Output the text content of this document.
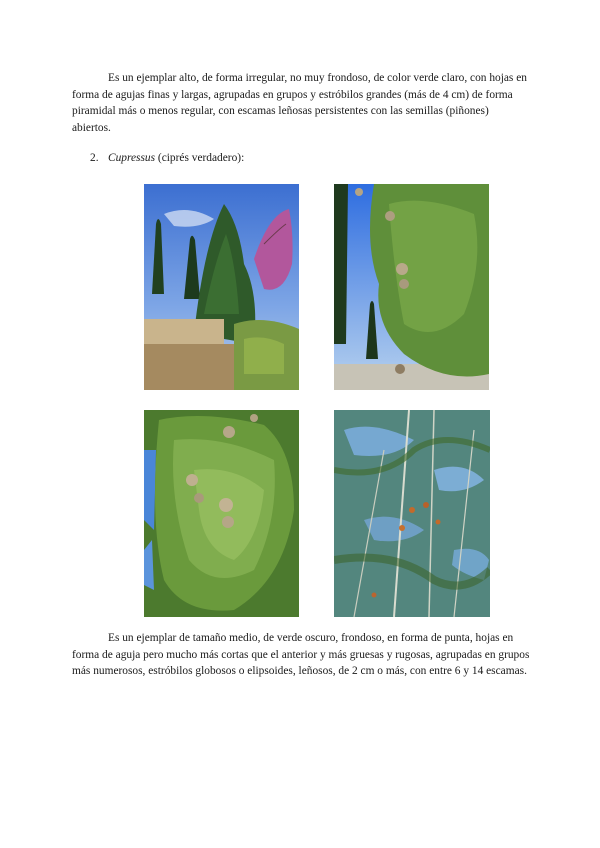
Es un ejemplar alto, de forma irregular, no muy frondoso, de color verde claro, con hojas en forma de agujas finas y largas, agrupadas en grupos y estróbilos grandes (más de 4 cm) de forma piramidal más o menos regular, con escamas leñosas persistentes con las semillas (piñones) abiertos.

2. Cupressus (ciprés verdadero):

Es un ejemplar de tamaño medio, de verde oscuro, frondoso, en forma de punta, hojas en forma de aguja pero mucho más cortas que el anterior y más gruesas y rugosas, agrupadas en grupos más numerosos, estróbilos globosos o elipsoides, leñosos, de 2 cm o más, con entre 6 y 14 escamas.
